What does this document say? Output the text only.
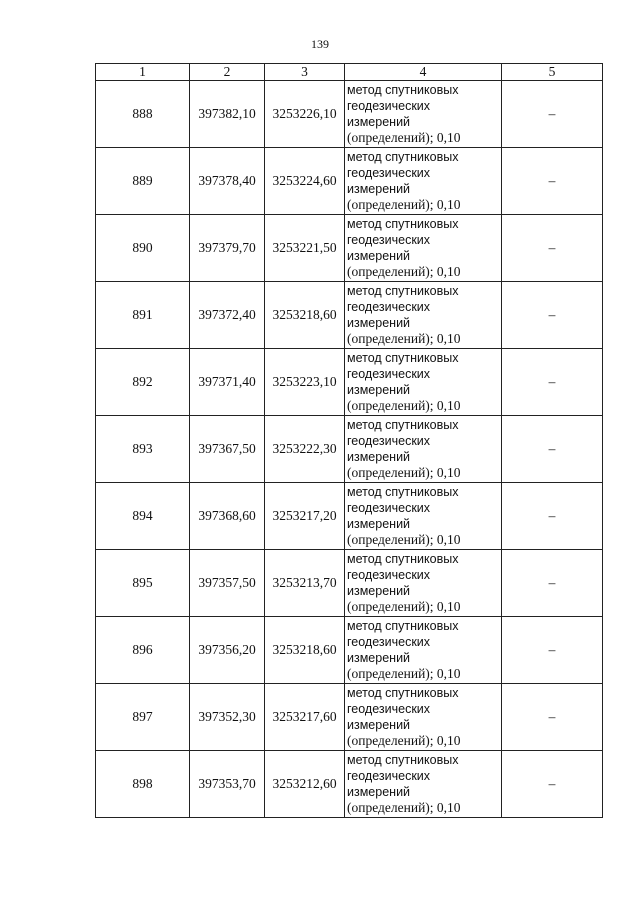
139
1	2	3	4	5
888	397382,10	3253226,10	метод спутниковых
геодезических
измерений
(определений); 0,10	–
889	397378,40	3253224,60	метод спутниковых
геодезических
измерений
(определений); 0,10	–
890	397379,70	3253221,50	метод спутниковых
геодезических
измерений
(определений); 0,10	–
891	397372,40	3253218,60	метод спутниковых
геодезических
измерений
(определений); 0,10	–
892	397371,40	3253223,10	метод спутниковых
геодезических
измерений
(определений); 0,10	–
893	397367,50	3253222,30	метод спутниковых
геодезических
измерений
(определений); 0,10	–
894	397368,60	3253217,20	метод спутниковых
геодезических
измерений
(определений); 0,10	–
895	397357,50	3253213,70	метод спутниковых
геодезических
измерений
(определений); 0,10	–
896	397356,20	3253218,60	метод спутниковых
геодезических
измерений
(определений); 0,10	–
897	397352,30	3253217,60	метод спутниковых
геодезических
измерений
(определений); 0,10	–
898	397353,70	3253212,60	метод спутниковых
геодезических
измерений
(определений); 0,10	–
